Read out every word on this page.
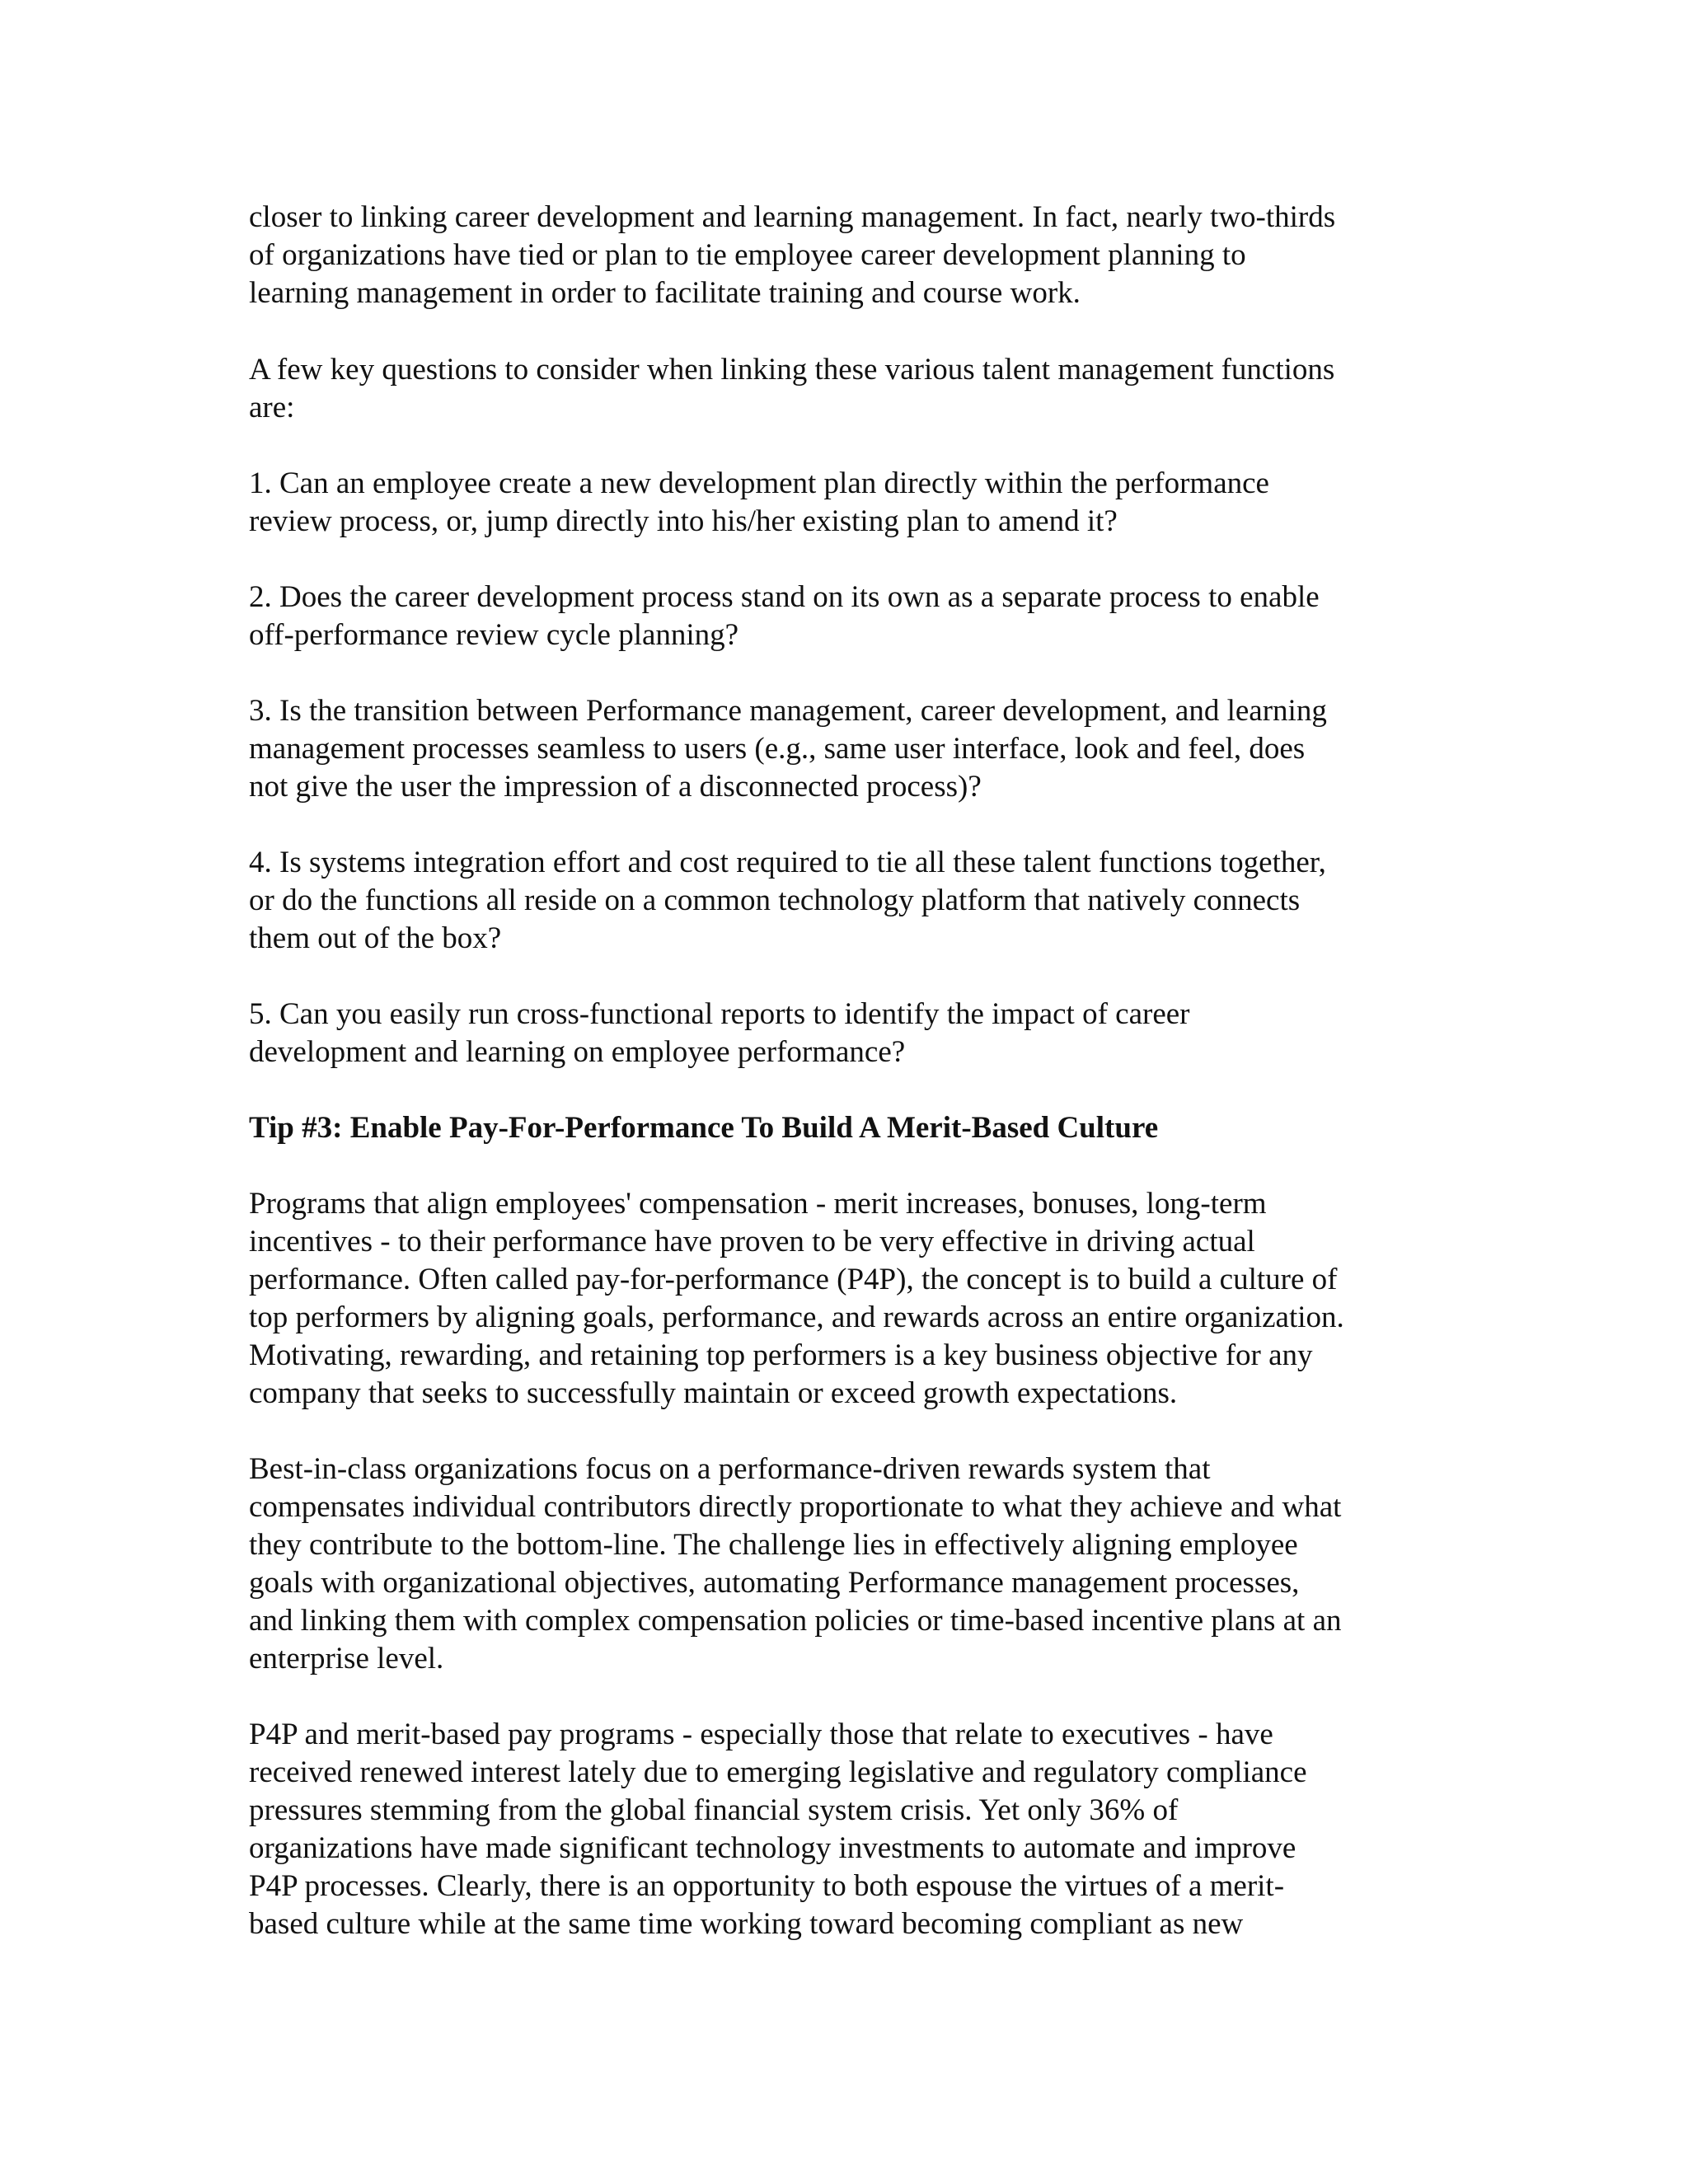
closer to linking career development and learning management. In fact, nearly two-thirds
of organizations have tied or plan to tie employee career development planning to
learning management in order to facilitate training and course work.

A few key questions to consider when linking these various talent management functions
are:

1. Can an employee create a new development plan directly within the performance
review process, or, jump directly into his/her existing plan to amend it?

2. Does the career development process stand on its own as a separate process to enable
off-performance review cycle planning?

3. Is the transition between Performance management, career development, and learning
management processes seamless to users (e.g., same user interface, look and feel, does
not give the user the impression of a disconnected process)?

4. Is systems integration effort and cost required to tie all these talent functions together,
or do the functions all reside on a common technology platform that natively connects
them out of the box?

5. Can you easily run cross-functional reports to identify the impact of career
development and learning on employee performance?

Tip #3: Enable Pay-For-Performance To Build A Merit-Based Culture

Programs that align employees' compensation - merit increases, bonuses, long-term
incentives - to their performance have proven to be very effective in driving actual
performance. Often called pay-for-performance (P4P), the concept is to build a culture of
top performers by aligning goals, performance, and rewards across an entire organization.
Motivating, rewarding, and retaining top performers is a key business objective for any
company that seeks to successfully maintain or exceed growth expectations.

Best-in-class organizations focus on a performance-driven rewards system that
compensates individual contributors directly proportionate to what they achieve and what
they contribute to the bottom-line. The challenge lies in effectively aligning employee
goals with organizational objectives, automating Performance management processes,
and linking them with complex compensation policies or time-based incentive plans at an
enterprise level.

P4P and merit-based pay programs - especially those that relate to executives - have
received renewed interest lately due to emerging legislative and regulatory compliance
pressures stemming from the global financial system crisis. Yet only 36% of
organizations have made significant technology investments to automate and improve
P4P processes. Clearly, there is an opportunity to both espouse the virtues of a merit-
based culture while at the same time working toward becoming compliant as new
